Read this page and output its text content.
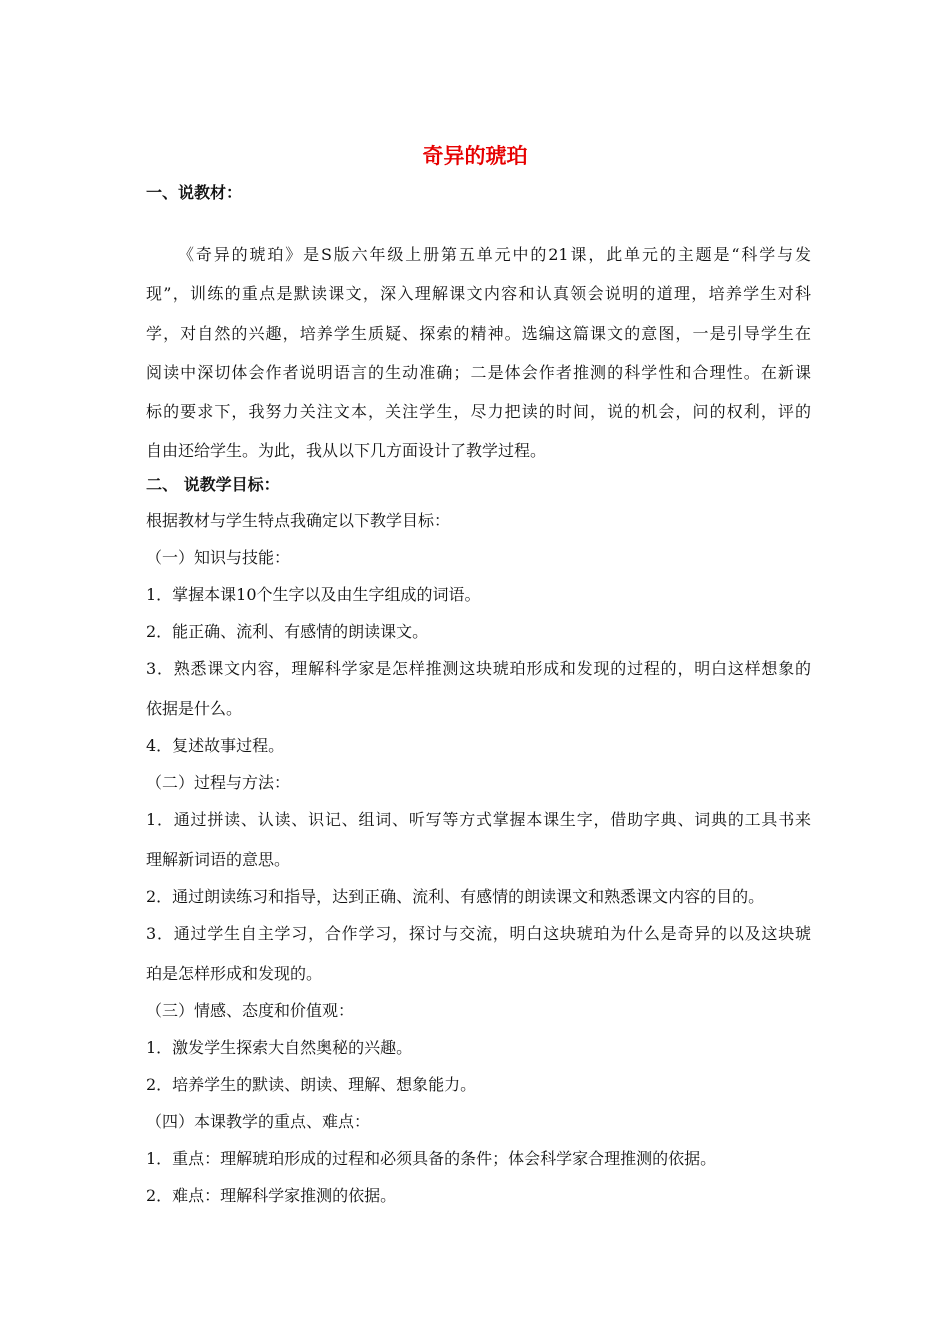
奇异的琥珀
一、说教材：
《奇异的琥珀》是S版六年级上册第五单元中的21课，此单元的主题是“科学与发
现”，训练的重点是默读课文，深入理解课文内容和认真领会说明的道理，培养学生对科
学，对自然的兴趣，培养学生质疑、探索的精神。选编这篇课文的意图，一是引导学生在
阅读中深切体会作者说明语言的生动准确；二是体会作者推测的科学性和合理性。在新课
标的要求下，我努力关注文本，关注学生，尽力把读的时间，说的机会，问的权利，评的
自由还给学生。为此，我从以下几方面设计了教学过程。
二、 说教学目标：
根据教材与学生特点我确定以下教学目标：
（一）知识与技能：
1．掌握本课10个生字以及由生字组成的词语。
2．能正确、流利、有感情的朗读课文。
3．熟悉课文内容，理解科学家是怎样推测这块琥珀形成和发现的过程的，明白这样想象的
依据是什么。
4．复述故事过程。
（二）过程与方法：
1．通过拼读、认读、识记、组词、听写等方式掌握本课生字，借助字典、词典的工具书来
理解新词语的意思。
2．通过朗读练习和指导，达到正确、流利、有感情的朗读课文和熟悉课文内容的目的。
3．通过学生自主学习，合作学习，探讨与交流，明白这块琥珀为什么是奇异的以及这块琥
珀是怎样形成和发现的。
（三）情感、态度和价值观：
1．激发学生探索大自然奥秘的兴趣。
2．培养学生的默读、朗读、理解、想象能力。
（四）本课教学的重点、难点：
1．重点：理解琥珀形成的过程和必须具备的条件；体会科学家合理推测的依据。
2．难点：理解科学家推测的依据。
